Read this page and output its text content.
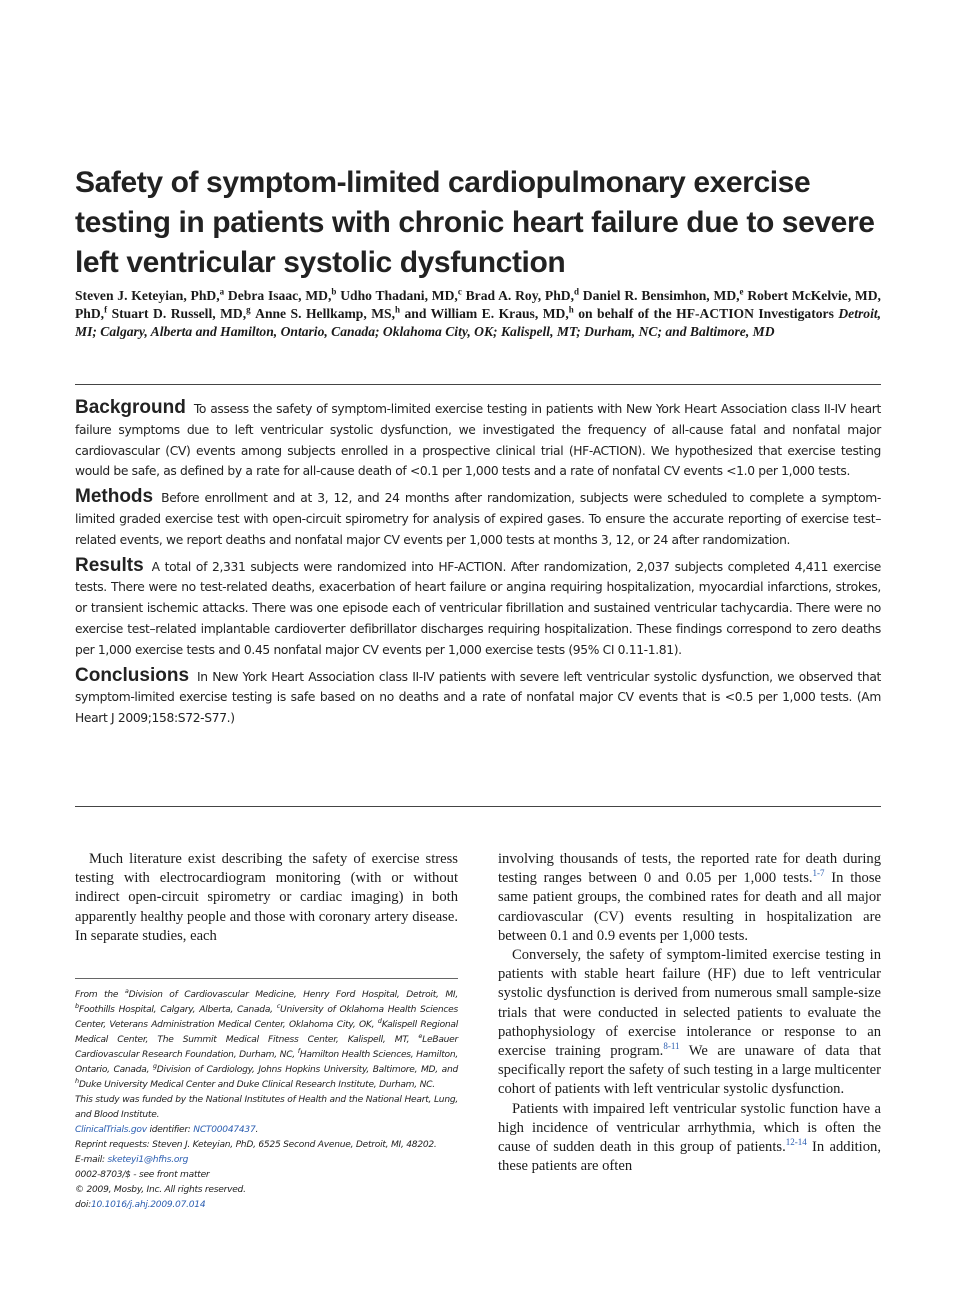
Safety of symptom-limited cardiopulmonary exercise testing in patients with chronic heart failure due to severe left ventricular systolic dysfunction

Steven J. Keteyian, PhD,$^a$ Debra Isaac, MD,$^b$ Udho Thadani, MD,$^c$ Brad A. Roy, PhD,$^d$ Daniel R. Bensimhon, MD,$^e$ Robert McKelvie, MD, PhD,$^f$ Stuart D. Russell, MD,$^g$ Anne S. Hellkamp, MS,$^h$ and William E. Kraus, MD,$^h$ on behalf of the HF-ACTION Investigators Detroit, MI; Calgary, Alberta and Hamilton, Ontario, Canada; Oklahoma City, OK; Kalispell, MT; Durham, NC; and Baltimore, MD

Background To assess the safety of symptom-limited exercise testing in patients with New York Heart Association class II-IV heart failure symptoms due to left ventricular systolic dysfunction, we investigated the frequency of all-cause fatal and nonfatal major cardiovascular (CV) events among subjects enrolled in a prospective clinical trial (HF-ACTION). We hypothesized that exercise testing would be safe, as defined by a rate for all-cause death of <0.1 per 1,000 tests and a rate of nonfatal CV events <1.0 per 1,000 tests.

Methods Before enrollment and at 3, 12, and 24 months after randomization, subjects were scheduled to complete a symptom-limited graded exercise test with open-circuit spirometry for analysis of expired gases. To ensure the accurate reporting of exercise test–related events, we report deaths and nonfatal major CV events per 1,000 tests at months 3, 12, or 24 after randomization.

Results A total of 2,331 subjects were randomized into HF-ACTION. After randomization, 2,037 subjects completed 4,411 exercise tests. There were no test-related deaths, exacerbation of heart failure or angina requiring hospitalization, myocardial infarctions, strokes, or transient ischemic attacks. There was one episode each of ventricular fibrillation and sustained ventricular tachycardia. There were no exercise test–related implantable cardioverter defibrillator discharges requiring hospitalization. These findings correspond to zero deaths per 1,000 exercise tests and 0.45 nonfatal major CV events per 1,000 exercise tests (95% CI 0.11-1.81).

Conclusions In New York Heart Association class II-IV patients with severe left ventricular systolic dysfunction, we observed that symptom-limited exercise testing is safe based on no deaths and a rate of nonfatal major CV events that is <0.5 per 1,000 tests. (Am Heart J 2009;158:S72-S77.)

Much literature exist describing the safety of exercise stress testing with electrocardiogram monitoring (with or without indirect open-circuit spirometry or cardiac imaging) in both apparently healthy people and those with coronary artery disease. In separate studies, each

From the $^a$Division of Cardiovascular Medicine, Henry Ford Hospital, Detroit, MI, $^b$Foothills Hospital, Calgary, Alberta, Canada, $^c$University of Oklahoma Health Sciences Center, Veterans Administration Medical Center, Oklahoma City, OK, $^d$Kalispell Regional Medical Center, The Summit Medical Fitness Center, Kalispell, MT, $^e$LeBauer Cardiovascular Research Foundation, Durham, NC, $^f$Hamilton Health Sciences, Hamilton, Ontario, Canada, $^g$Division of Cardiology, Johns Hopkins University, Baltimore, MD, and $^h$Duke University Medical Center and Duke Clinical Research Institute, Durham, NC.

This study was funded by the National Institutes of Health and the National Heart, Lung, and Blood Institute.

ClinicalTrials.gov identifier: NCT00047437.

Reprint requests: Steven J. Keteyian, PhD, 6525 Second Avenue, Detroit, MI, 48202.

E-mail: sketeyi1@hfhs.org

0002-8703/$ - see front matter

© 2009, Mosby, Inc. All rights reserved.

doi:10.1016/j.ahj.2009.07.014

involving thousands of tests, the reported rate for death during testing ranges between 0 and 0.05 per 1,000 tests.$^{1-7}$ In those same patient groups, the combined rates for death and all major cardiovascular (CV) events resulting in hospitalization are between 0.1 and 0.9 events per 1,000 tests.

Conversely, the safety of symptom-limited exercise testing in patients with stable heart failure (HF) due to left ventricular systolic dysfunction is derived from numerous small sample-size trials that were conducted in selected patients to evaluate the pathophysiology of exercise intolerance or response to an exercise training program.$^{8-11}$ We are unaware of data that specifically report the safety of such testing in a large multicenter cohort of patients with left ventricular systolic dysfunction.

Patients with impaired left ventricular systolic function have a high incidence of ventricular arrhythmia, which is often the cause of sudden death in this group of patients.$^{12-14}$ In addition, these patients are often
